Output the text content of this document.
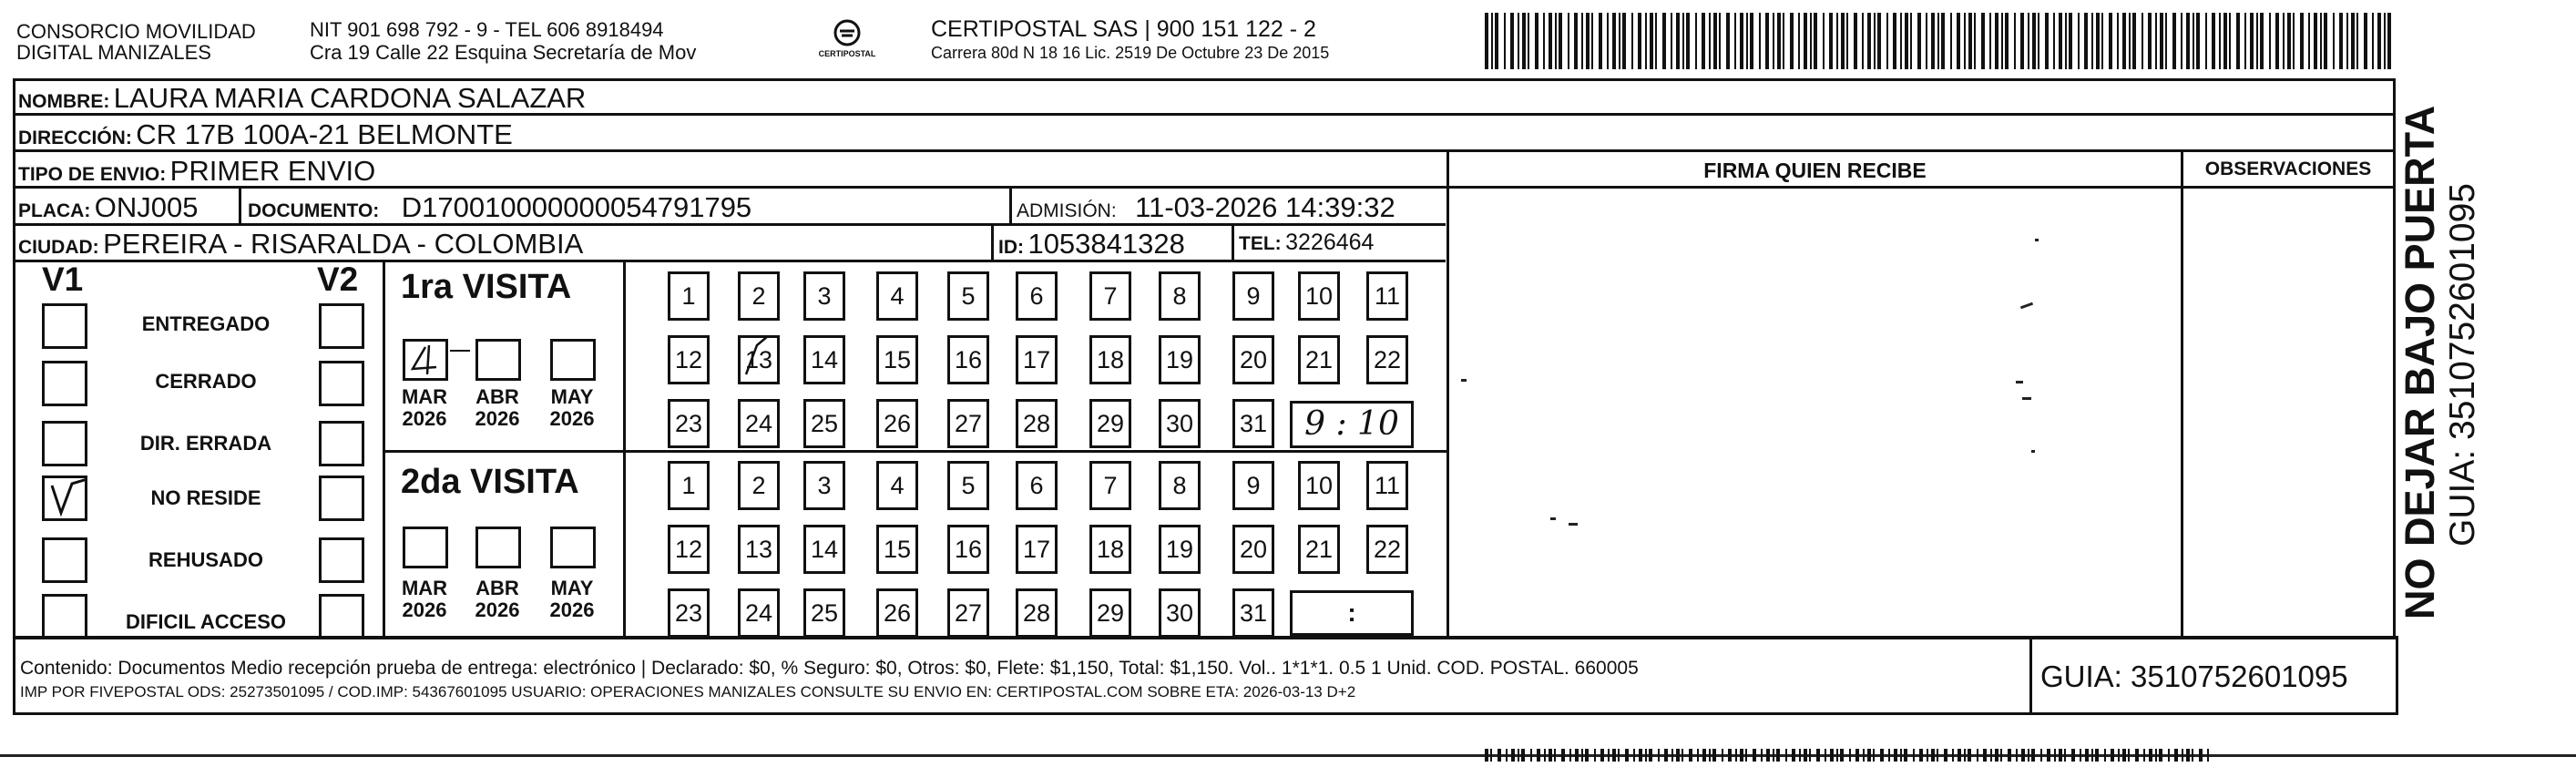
CONSORCIO MOVILIDAD
DIGITAL MANIZALES
NIT 901 698 792 - 9 - TEL 606 8918494
Cra 19 Calle 22 Esquina Secretaría de Mov	CERTIPOSTAL
CERTIPOSTAL SAS | 900 151 122 - 2
Carrera 80d N 18 16 Lic. 2519 De Octubre 23 De 2015
NOMBRE: LAURA MARIA CARDONA SALAZAR
DIRECCIÓN: CR 17B 100A-21 BELMONTE
TIPO DE ENVIO: PRIMER ENVIO
PLACA: ONJ005	DOCUMENTO: D170010000000054791795	ADMISIÓN: 11-03-2026 14:39:32
CIUDAD: PEREIRA - RISARALDA - COLOMBIA	ID: 1053841328	TEL: 3226464
FIRMA QUIEN RECIBE	OBSERVACIONES
V1	V2
ENTREGADO
CERRADO
DIR. ERRADA
NO RESIDE
REHUSADO
DIFICIL ACCESO
1ra VISITA
MAR
2026
ABR
2026
MAY
2026
2da VISITA
MAR
2026
ABR
2026
MAY
2026
1	2	3	4	5	6	7	8	9	10	11
12 13 14 15 16 17 18 19 20 21 22
23 24 25 26 27 28 29 30 31
1	2	3	4	5	6	7	8	9	10	11
12 13 14 15 16 17 18 19 20 21 22
23 24 25 26 27 28 29 30 31
9 : 10
:
Contenido: Documentos Medio recepción prueba de entrega: electrónico | Declarado: $0, % Seguro: $0, Otros: $0, Flete: $1,150, Total: $1,150. Vol.. 1*1*1. 0.5 1 Unid. COD. POSTAL. 660005
IMP POR FIVEPOSTAL ODS: 25273501095 / COD.IMP: 54367601095 USUARIO: OPERACIONES MANIZALES CONSULTE SU ENVIO EN: CERTIPOSTAL.COM SOBRE ETA: 2026-03-13 D+2	GUIA: 3510752601095
NO DEJAR BAJO PUERTA GUIA: 3510752601095
